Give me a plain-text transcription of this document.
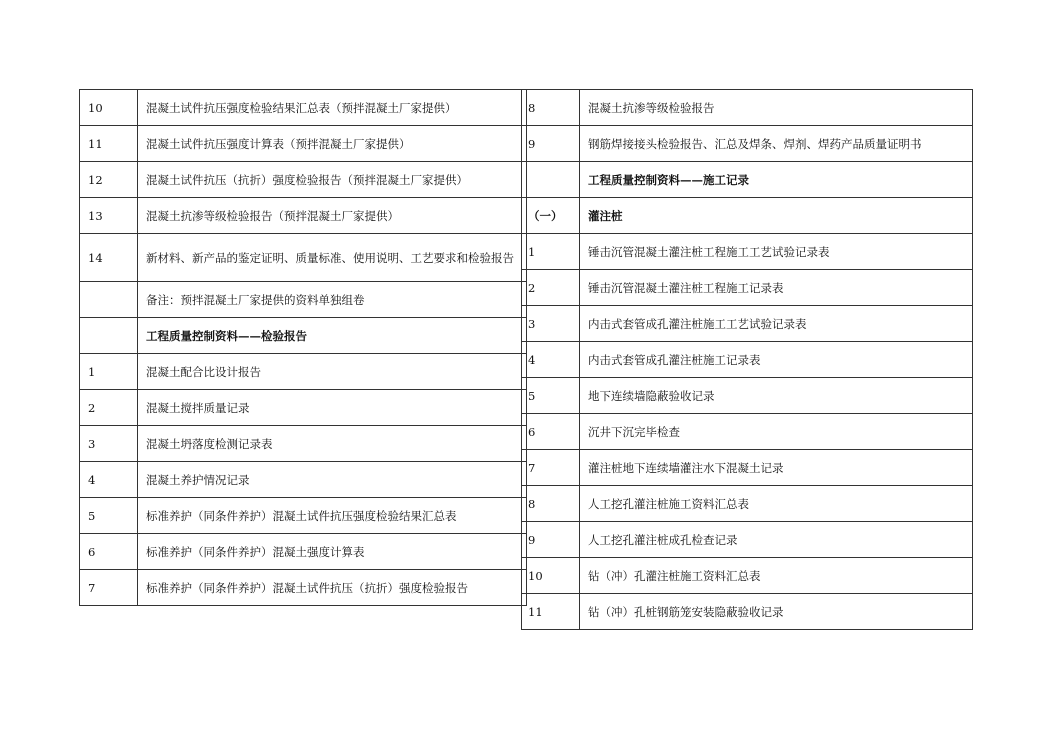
10	混凝土试件抗压强度检验结果汇总表（预拌混凝土厂家提供）
11	混凝土试件抗压强度计算表（预拌混凝土厂家提供）
12	混凝土试件抗压（抗折）强度检验报告（预拌混凝土厂家提供）
13	混凝土抗渗等级检验报告（预拌混凝土厂家提供）
14	新材料、新产品的鉴定证明、质量标准、使用说明、工艺要求和检验报告
	备注：预拌混凝土厂家提供的资料单独组卷
	工程质量控制资料——检验报告
1	混凝土配合比设计报告
2	混凝土搅拌质量记录
3	混凝土坍落度检测记录表
4	混凝土养护情况记录
5	标准养护（同条件养护）混凝土试件抗压强度检验结果汇总表
6	标准养护（同条件养护）混凝土强度计算表
7	标准养护（同条件养护）混凝土试件抗压（抗折）强度检验报告
8	混凝土抗渗等级检验报告
9	钢筋焊接接头检验报告、汇总及焊条、焊剂、焊药产品质量证明书
	工程质量控制资料——施工记录
（一）	灌注桩
1	锤击沉管混凝土灌注桩工程施工工艺试验记录表
2	锤击沉管混凝土灌注桩工程施工记录表
3	内击式套管成孔灌注桩施工工艺试验记录表
4	内击式套管成孔灌注桩施工记录表
5	地下连续墙隐蔽验收记录
6	沉井下沉完毕检查
7	灌注桩地下连续墙灌注水下混凝土记录
8	人工挖孔灌注桩施工资料汇总表
9	人工挖孔灌注桩成孔检查记录
10	钻（冲）孔灌注桩施工资料汇总表
11	钻（冲）孔桩钢筋笼安装隐蔽验收记录
